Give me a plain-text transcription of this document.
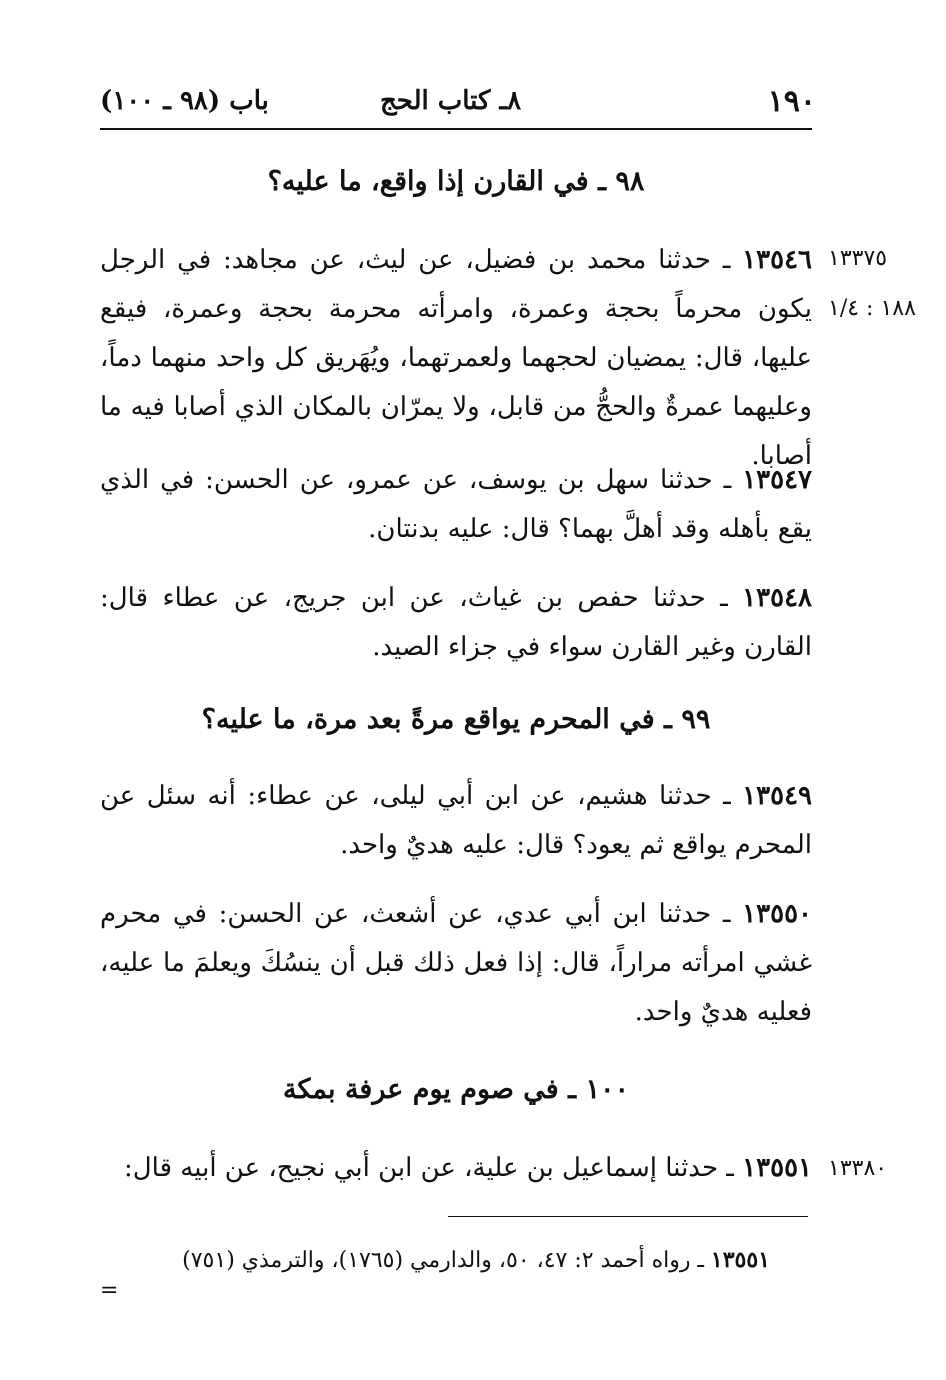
١٩٠
٨ـ كتاب الحج
باب (٩٨ ـ ١٠٠)
٩٨ ـ في القارن إذا واقع، ما عليه؟
١٣٣٧٥
١٨٨ : ١/٤
١٣٥٤٦ ـ حدثنا محمد بن فضيل، عن ليث، عن مجاهد: في الرجل يكون محرماً بحجة وعمرة، وامرأته محرمة بحجة وعمرة، فيقع عليها، قال: يمضيان لحجهما ولعمرتهما، ويُهَريق كل واحد منهما دماً، وعليهما عمرةٌ والحجُّ من قابل، ولا يمرّان بالمكان الذي أصابا فيه ما أصابا.
١٣٥٤٧ ـ حدثنا سهل بن يوسف، عن عمرو، عن الحسن: في الذي يقع بأهله وقد أهلَّ بهما؟ قال: عليه بدنتان.
١٣٥٤٨ ـ حدثنا حفص بن غياث، عن ابن جريج، عن عطاء قال: القارن وغير القارن سواء في جزاء الصيد.
٩٩ ـ في المحرم يواقع مرةً بعد مرة، ما عليه؟
١٣٥٤٩ ـ حدثنا هشيم، عن ابن أبي ليلى، عن عطاء: أنه سئل عن المحرم يواقع ثم يعود؟ قال: عليه هديٌ واحد.
١٣٥٥٠ ـ حدثنا ابن أبي عدي، عن أشعث، عن الحسن: في محرم غشي امرأته مراراً، قال: إذا فعل ذلك قبل أن ينسُكَ ويعلمَ ما عليه، فعليه هديٌ واحد.
١٠٠ ـ في صوم يوم عرفة بمكة
١٣٣٨٠
١٣٥٥١ ـ حدثنا إسماعيل بن علية، عن ابن أبي نجيح، عن أبيه قال:
١٣٥٥١ ـ رواه أحمد ٢: ٤٧، ٥٠، والدارمي (١٧٦٥)، والترمذي (٧٥١)
=
